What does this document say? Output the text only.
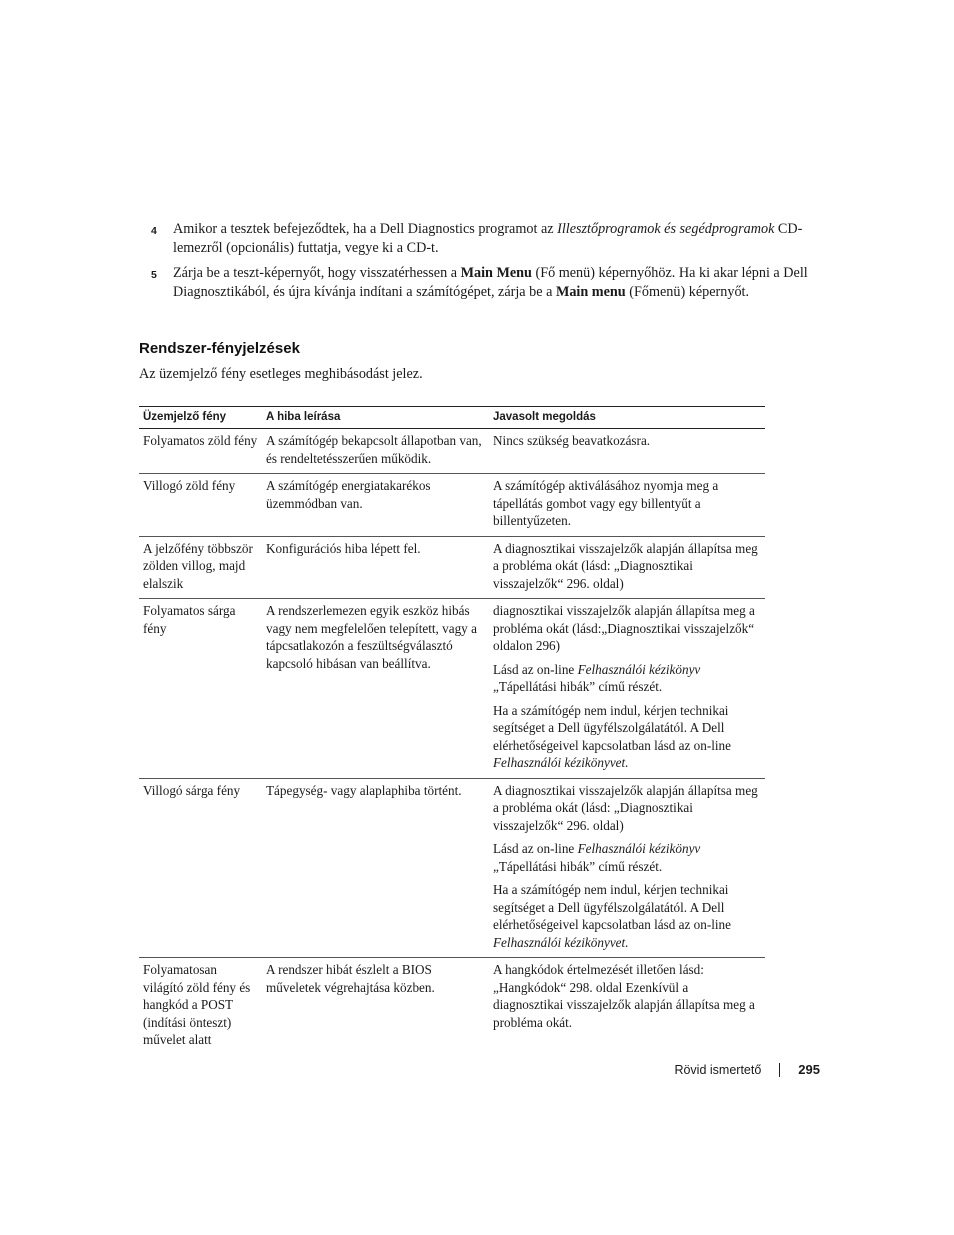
4 Amikor a tesztek befejeződtek, ha a Dell Diagnostics programot az Illesztőprogramok és segédprogramok CD-lemezről (opcionális) futtatja, vegye ki a CD-t.
5 Zárja be a teszt-képernyőt, hogy visszatérhessen a Main Menu (Fő menü) képernyőhöz. Ha ki akar lépni a Dell Diagnosztikából, és újra kívánja indítani a számítógépet, zárja be a Main menu (Főmenü) képernyőt.
Rendszer-fényjelzések

Az üzemjelző fény esetleges meghibásodást jelez.

Üzemjelző fény	A hiba leírása	Javasolt megoldás
Folyamatos zöld fény	A számítógép bekapcsolt állapotban van, és rendeltetésszerűen működik.	Nincs szükség beavatkozásra.

Villogó zöld fény	A számítógép energiatakarékos üzemmódban van.	A számítógép aktiválásához nyomja meg a tápellátás gombot vagy egy billentyűt a billentyűzeten.

A jelzőfény többször zölden villog, majd elalszik	Konfigurációs hiba lépett fel.	A diagnosztikai visszajelzők alapján állapítsa meg a probléma okát (lásd: „Diagnosztikai visszajelzők“ 296. oldal)

Folyamatos sárga fény	A rendszerlemezen egyik eszköz hibás vagy nem megfelelően telepített, vagy a tápcsatlakozón a feszültségválasztó kapcsoló hibásan van beállítva.	diagnosztikai visszajelzők alapján állapítsa meg a probléma okát (lásd:„Diagnosztikai visszajelzők“ oldalon 296)

Lásd az on-line Felhasználói kézikönyv „Tápellátási hibák” című részét.

Ha a számítógép nem indul, kérjen technikai segítséget a Dell ügyfélszolgálatától. A Dell elérhetőségeivel kapcsolatban lásd az on-line Felhasználói kézikönyvet.

Villogó sárga fény	Tápegység- vagy alaplaphiba történt.	A diagnosztikai visszajelzők alapján állapítsa meg a probléma okát (lásd: „Diagnosztikai visszajelzők“ 296. oldal)

Lásd az on-line Felhasználói kézikönyv „Tápellátási hibák” című részét.

Ha a számítógép nem indul, kérjen technikai segítséget a Dell ügyfélszolgálatától. A Dell elérhetőségeivel kapcsolatban lásd az on-line Felhasználói kézikönyvet.

Folyamatosan világító zöld fény és hangkód a POST (indítási önteszt) művelet alatt	A rendszer hibát észlelt a BIOS műveletek végrehajtása közben.	A hangkódok értelmezését illetően lásd:„Hangkódok“ 298. oldal Ezenkívül a diagnosztikai visszajelzők alapján állapítsa meg a probléma okát.

Rövid ismertető	295
